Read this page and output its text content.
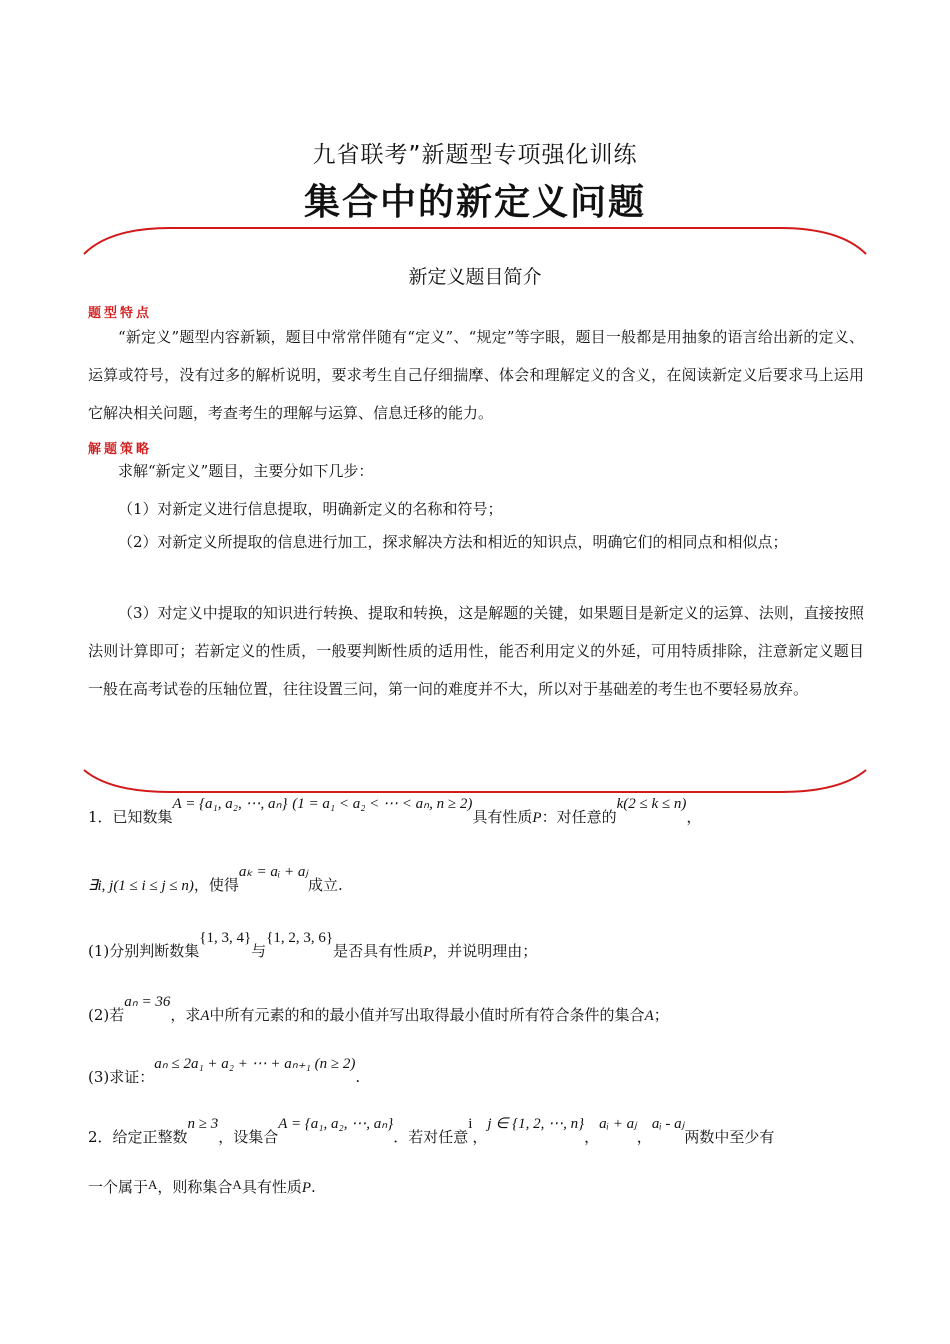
九省联考”新题型专项强化训练
集合中的新定义问题
新定义题目简介
题型特点
“新定义”题型内容新颖，题目中常常伴随有“定义”、“规定”等字眼，题目一般都是用抽象的语言给出新的定义、运算或符号，没有过多的解析说明，要求考生自己仔细揣摩、体会和理解定义的含义，在阅读新定义后要求马上运用它解决相关问题，考查考生的理解与运算、信息迁移的能力。
解题策略
求解“新定义”题目，主要分如下几步：
（1）对新定义进行信息提取，明确新定义的名称和符号；
（2）对新定义所提取的信息进行加工，探求解决方法和相近的知识点，明确它们的相同点和相似点；
（3）对定义中提取的知识进行转换、提取和转换，这是解题的关键，如果题目是新定义的运算、法则，直接按照法则计算即可；若新定义的性质，一般要判断性质的适用性，能否利用定义的外延，可用特质排除，注意新定义题目一般在高考试卷的压轴位置，往往设置三问，第一问的难度并不大，所以对于基础差的考生也不要轻易放弃。
1．已知数集A = {a₁, a₂, ⋯, aₙ} (1 = a₁ < a₂ < ⋯ < aₙ, n ≥ 2)具有性质P：对任意的k(2 ≤ k ≤ n)，
∃i, j(1 ≤ i ≤ j ≤ n)，使得aₖ = aᵢ + aⱼ成立.
(1)分别判断数集{1, 3, 4}与{1, 2, 3, 6}是否具有性质P，并说明理由；
(2)若aₙ = 36，求A中所有元素的和的最小值并写出取得最小值时所有符合条件的集合A；
(3)求证：aₙ ≤ 2a₁ + a₂ + ⋯ + aₙ₊₁ (n ≥ 2).
2．给定正整数n ≥ 3，设集合A = {a₁, a₂, ⋯, aₙ}．若对任意i，j ∈ {1, 2, ⋯, n}，aᵢ + aⱼ，aᵢ - aⱼ两数中至少有
一个属于A，则称集合A具有性质P.
